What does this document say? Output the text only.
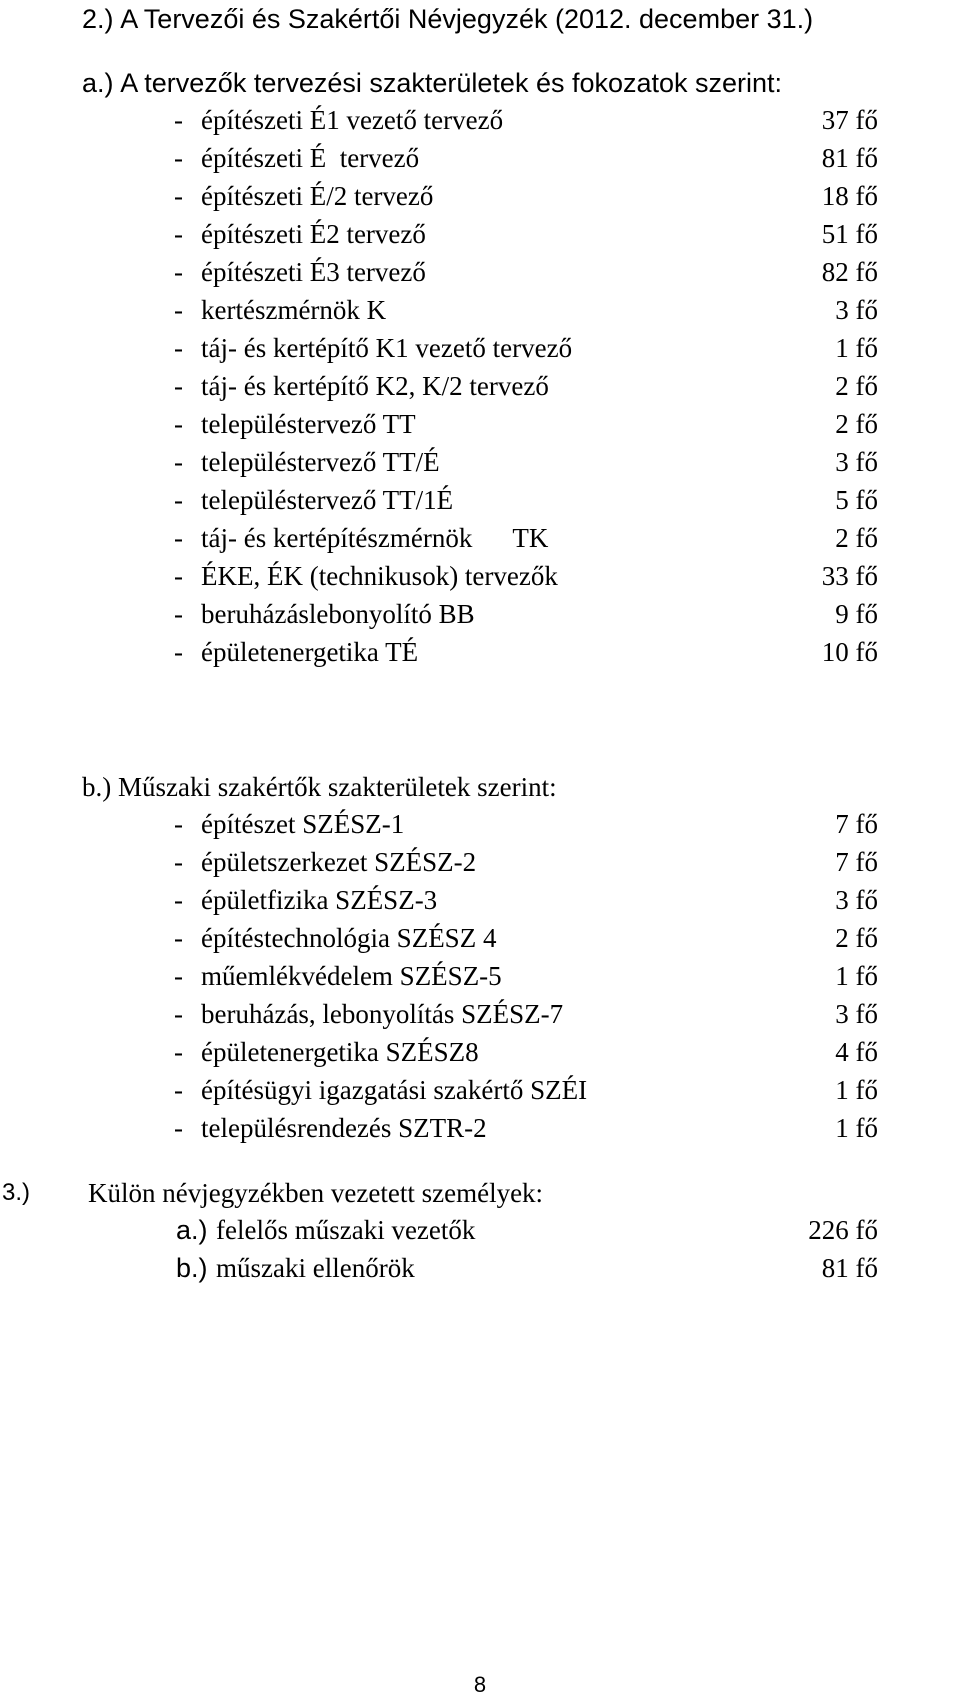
2.) A Tervezői és Szakértői Névjegyzék (2012. december 31.)
a.) A tervezők tervezési szakterületek és fokozatok szerint:
- építészeti É1 vezető tervező	37 fő
- építészeti É  tervező	81 fő
- építészeti É/2 tervező	18 fő
- építészeti É2 tervező	51 fő
- építészeti É3 tervező	82 fő
- kertészmérnök K	3 fő
- táj- és kertépítő K1 vezető tervező	1 fő
- táj- és kertépítő K2, K/2 tervező	2 fő
- településtervező TT	2 fő
- településtervező TT/É	3 fő
- településtervező TT/1É	5 fő
- táj- és kertépítészmérnök      TK	2 fő
- ÉKE, ÉK (technikusok) tervezők	33 fő
- beruházáslebonyolító BB	9 fő
- épületenergetika TÉ	10 fő
b.) Műszaki szakértők szakterületek szerint:
- építészet SZÉSZ-1	7 fő
- épületszerkezet SZÉSZ-2	7 fő
- épületfizika SZÉSZ-3	3 fő
- építéstechnológia SZÉSZ 4	2 fő
- műemlékvédelem SZÉSZ-5	1 fő
- beruházás, lebonyolítás SZÉSZ-7	3 fő
- épületenergetika SZÉSZ8	4 fő
- építésügyi igazgatási szakértő SZÉI	1 fő
- településrendezés SZTR-2	1 fő
3.) Külön névjegyzékben vezetett személyek:
a.) felelős műszaki vezetők	226 fő
b.) műszaki ellenőrök	81 fő
8
